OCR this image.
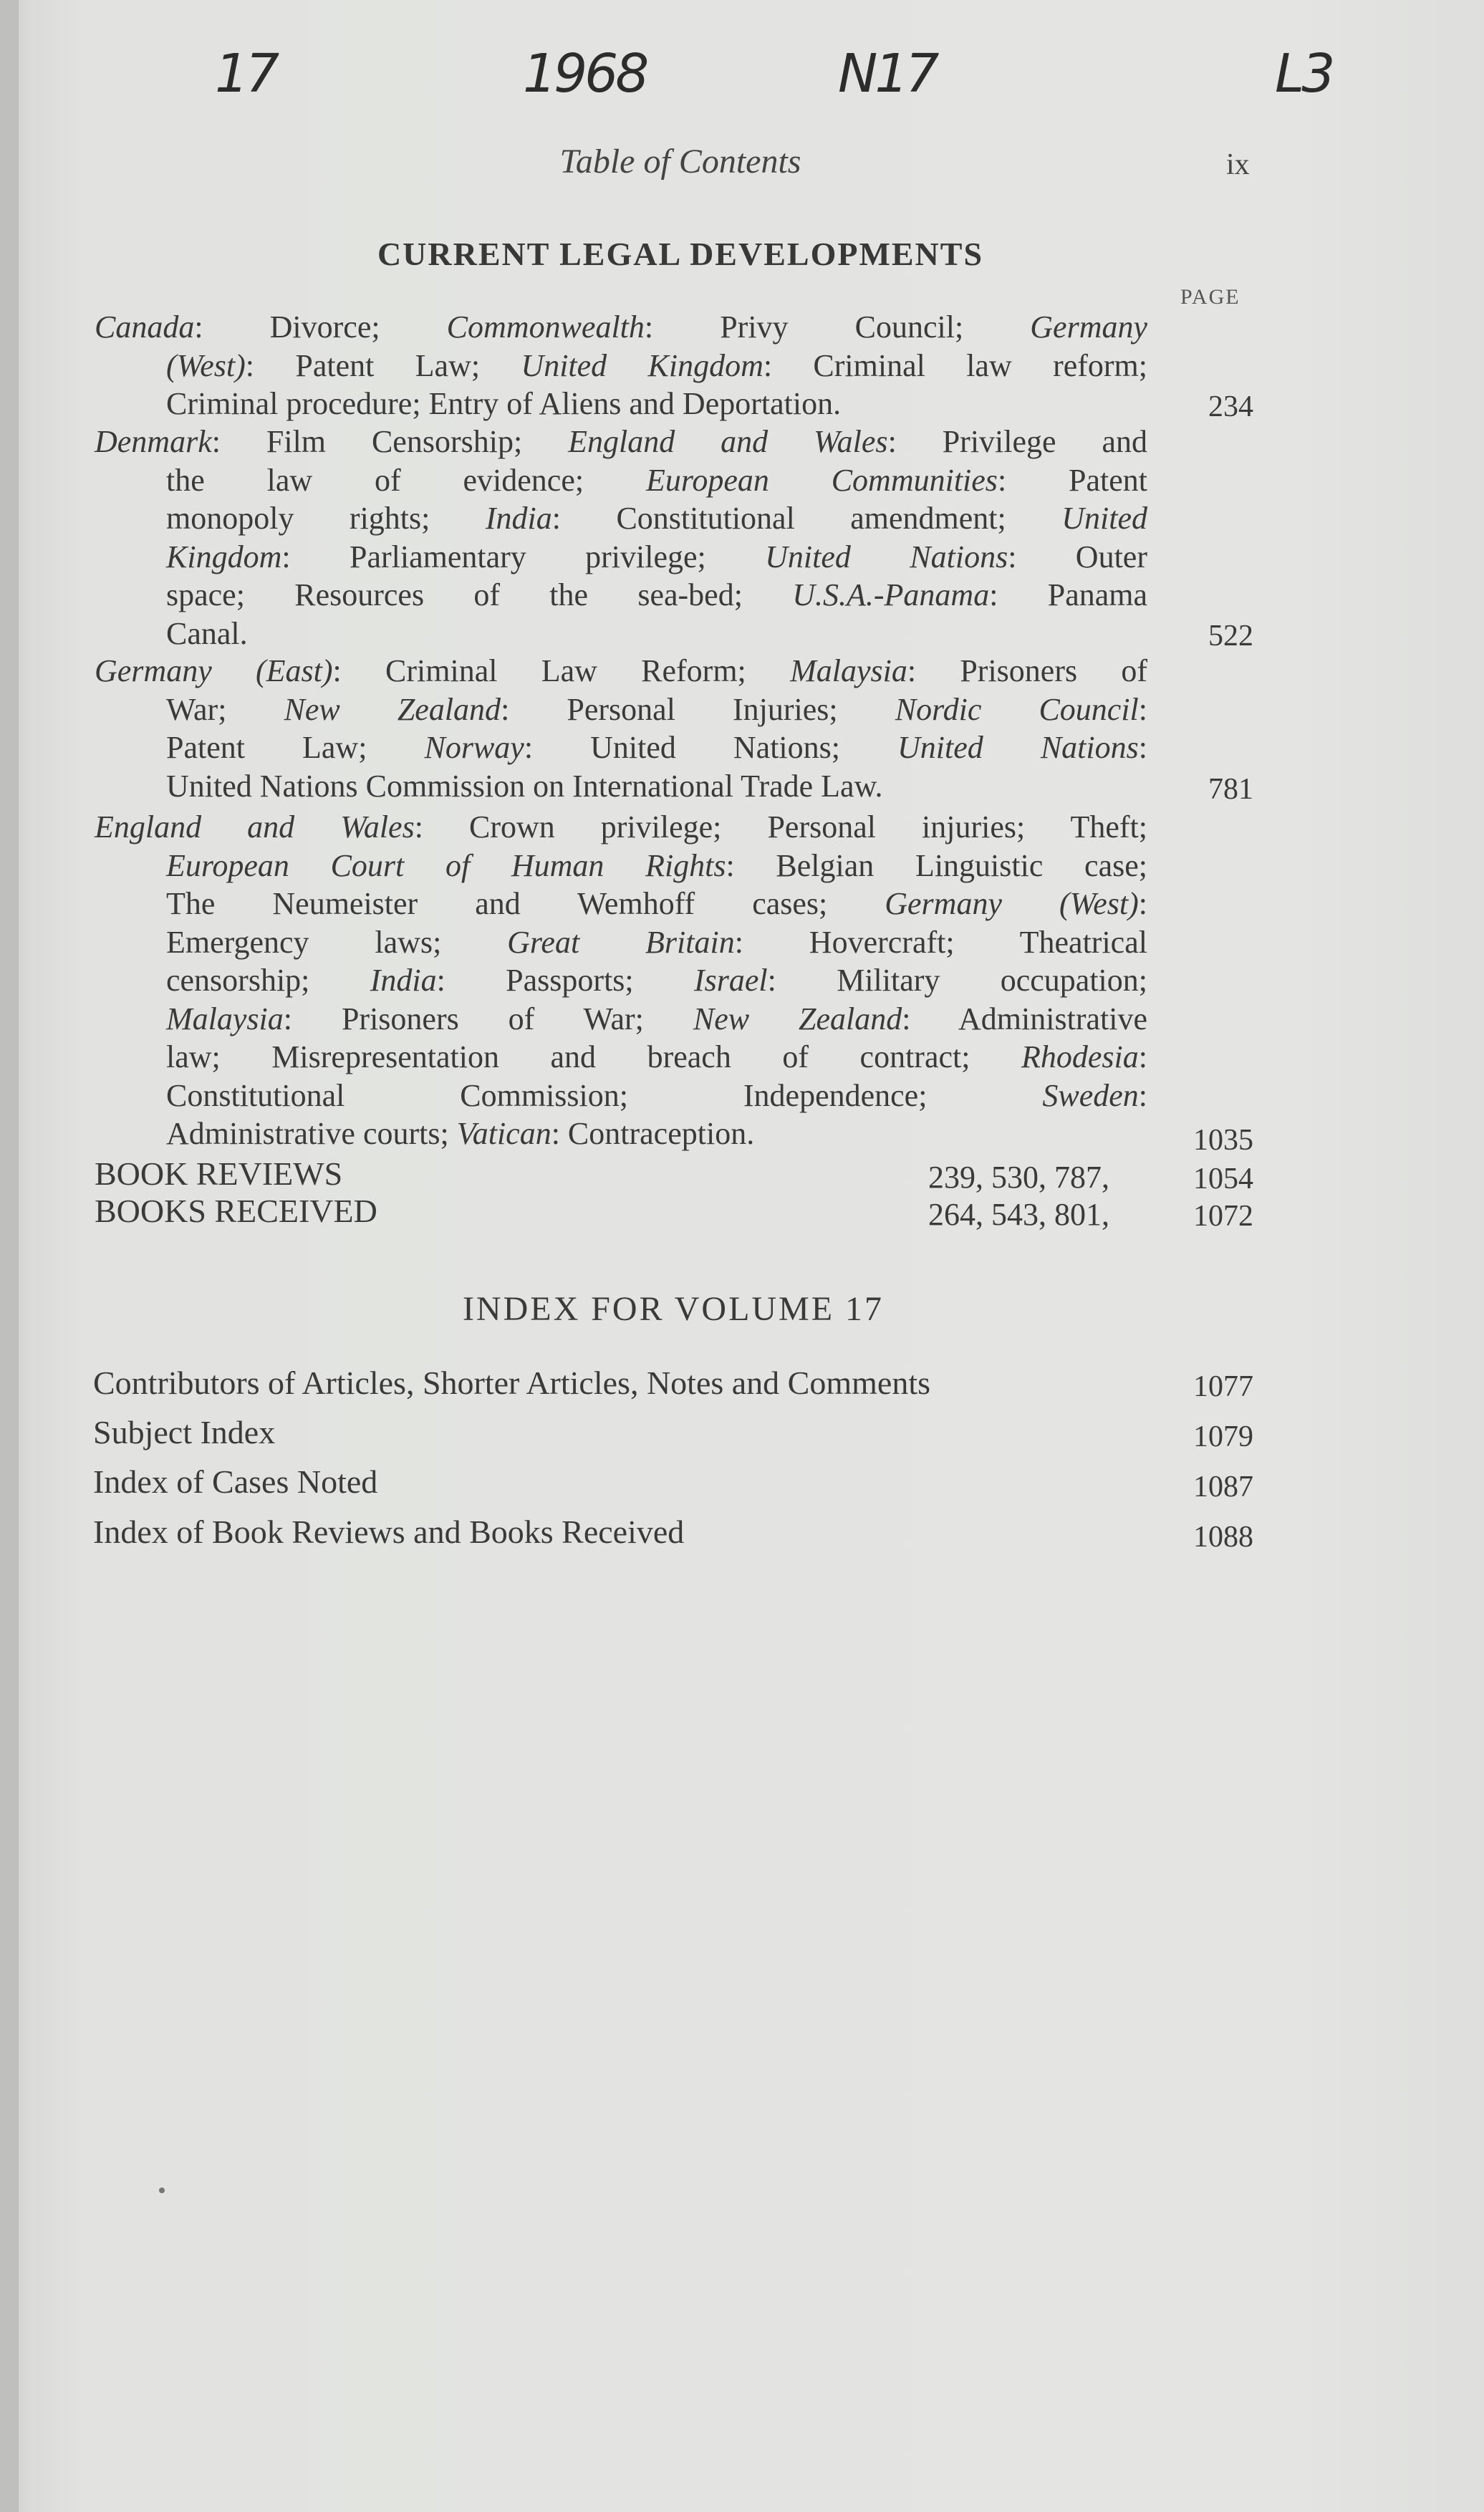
17	1968	N17	L3
Table of Contents	ix
CURRENT LEGAL DEVELOPMENTS
PAGE
Canada: Divorce; Commonwealth: Privy Council; Germany
(West): Patent Law; United Kingdom: Criminal law reform;
Criminal procedure; Entry of Aliens and Deportation.	234
Denmark: Film Censorship; England and Wales: Privilege and
the law of evidence; European Communities: Patent
monopoly rights; India: Constitutional amendment; United
Kingdom: Parliamentary privilege; United Nations: Outer
space; Resources of the sea-bed; U.S.A.-Panama: Panama
Canal.	522
Germany (East): Criminal Law Reform; Malaysia: Prisoners of
War; New Zealand: Personal Injuries; Nordic Council:
Patent Law; Norway: United Nations; United Nations:
United Nations Commission on International Trade Law.	781
England and Wales: Crown privilege; Personal injuries; Theft;
European Court of Human Rights: Belgian Linguistic case;
The Neumeister and Wemhoff cases; Germany (West):
Emergency laws; Great Britain: Hovercraft; Theatrical
censorship; India: Passports; Israel: Military occupation;
Malaysia: Prisoners of War; New Zealand: Administrative
law; Misrepresentation and breach of contract; Rhodesia:
Constitutional Commission; Independence; Sweden:
Administrative courts; Vatican: Contraception.	1035
BOOK REVIEWS	239, 530, 787,	1054
BOOKS RECEIVED	264, 543, 801,	1072
INDEX FOR VOLUME 17
Contributors of Articles, Shorter Articles, Notes and Comments	1077
Subject Index	1079
Index of Cases Noted	1087
Index of Book Reviews and Books Received	1088
